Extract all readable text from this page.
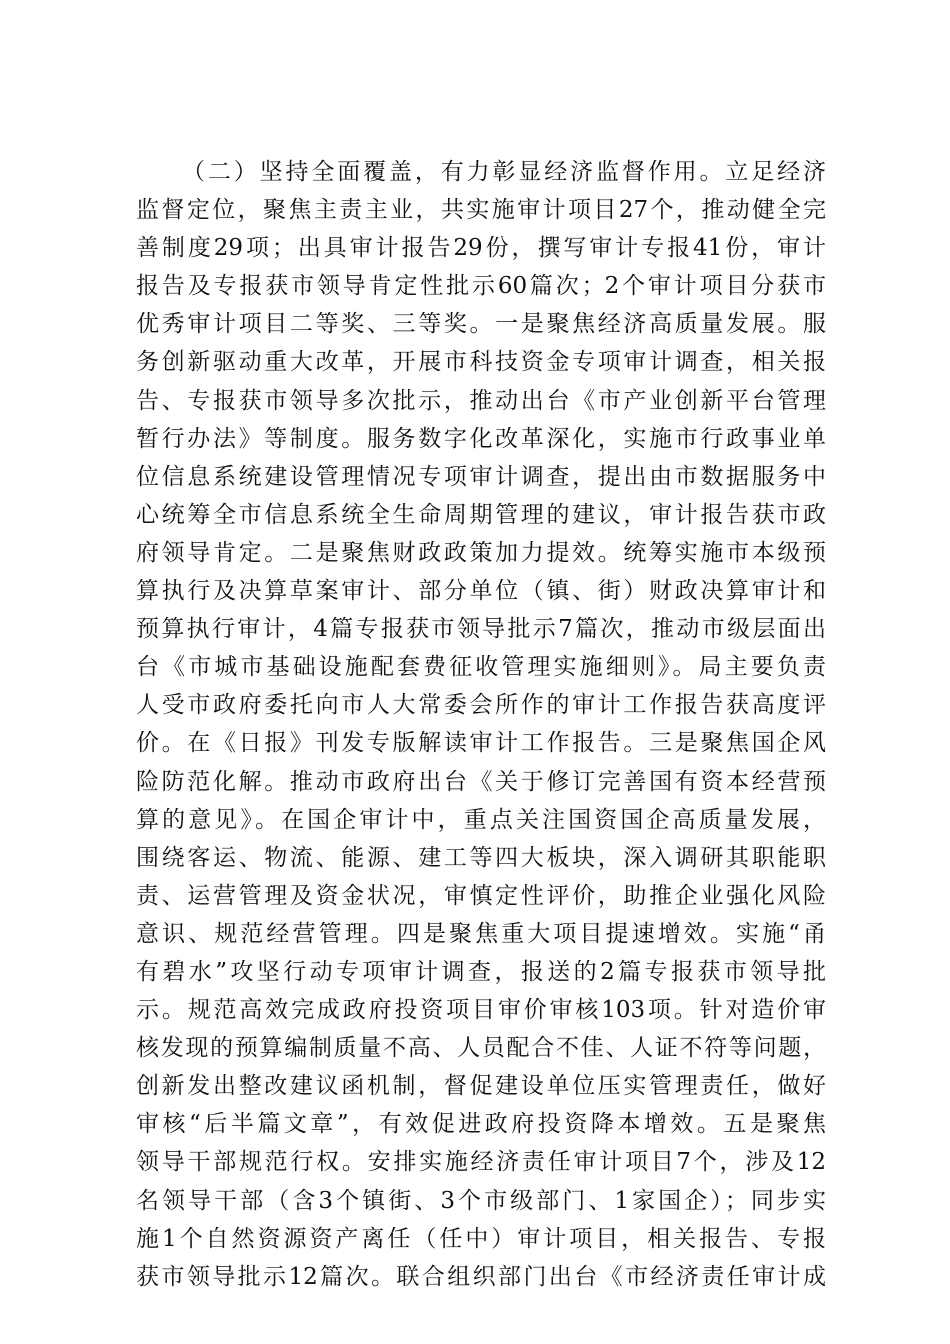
（二）坚持全面覆盖，有力彰显经济监督作用。立足经济
监督定位，聚焦主责主业，共实施审计项目27个，推动健全完
善制度29项；出具审计报告29份，撰写审计专报41份，审计
报告及专报获市领导肯定性批示60篇次；2个审计项目分获市
优秀审计项目二等奖、三等奖。一是聚焦经济高质量发展。服
务创新驱动重大改革，开展市科技资金专项审计调查，相关报
告、专报获市领导多次批示，推动出台《市产业创新平台管理
暂行办法》等制度。服务数字化改革深化，实施市行政事业单
位信息系统建设管理情况专项审计调查，提出由市数据服务中
心统筹全市信息系统全生命周期管理的建议，审计报告获市政
府领导肯定。二是聚焦财政政策加力提效。统筹实施市本级预
算执行及决算草案审计、部分单位（镇、街）财政决算审计和
预算执行审计，4篇专报获市领导批示7篇次，推动市级层面出
台《市城市基础设施配套费征收管理实施细则》。局主要负责
人受市政府委托向市人大常委会所作的审计工作报告获高度评
价。在《日报》刊发专版解读审计工作报告。三是聚焦国企风
险防范化解。推动市政府出台《关于修订完善国有资本经营预
算的意见》。在国企审计中，重点关注国资国企高质量发展，
围绕客运、物流、能源、建工等四大板块，深入调研其职能职
责、运营管理及资金状况，审慎定性评价，助推企业强化风险
意识、规范经营管理。四是聚焦重大项目提速增效。实施“甬
有碧水”攻坚行动专项审计调查，报送的2篇专报获市领导批
示。规范高效完成政府投资项目审价审核103项。针对造价审
核发现的预算编制质量不高、人员配合不佳、人证不符等问题，
创新发出整改建议函机制，督促建设单位压实管理责任，做好
审核“后半篇文章”，有效促进政府投资降本增效。五是聚焦
领导干部规范行权。安排实施经济责任审计项目7个，涉及12
名领导干部（含3个镇街、3个市级部门、1家国企）；同步实
施1个自然资源资产离任（任中）审计项目，相关报告、专报
获市领导批示12篇次。联合组织部门出台《市经济责任审计成
